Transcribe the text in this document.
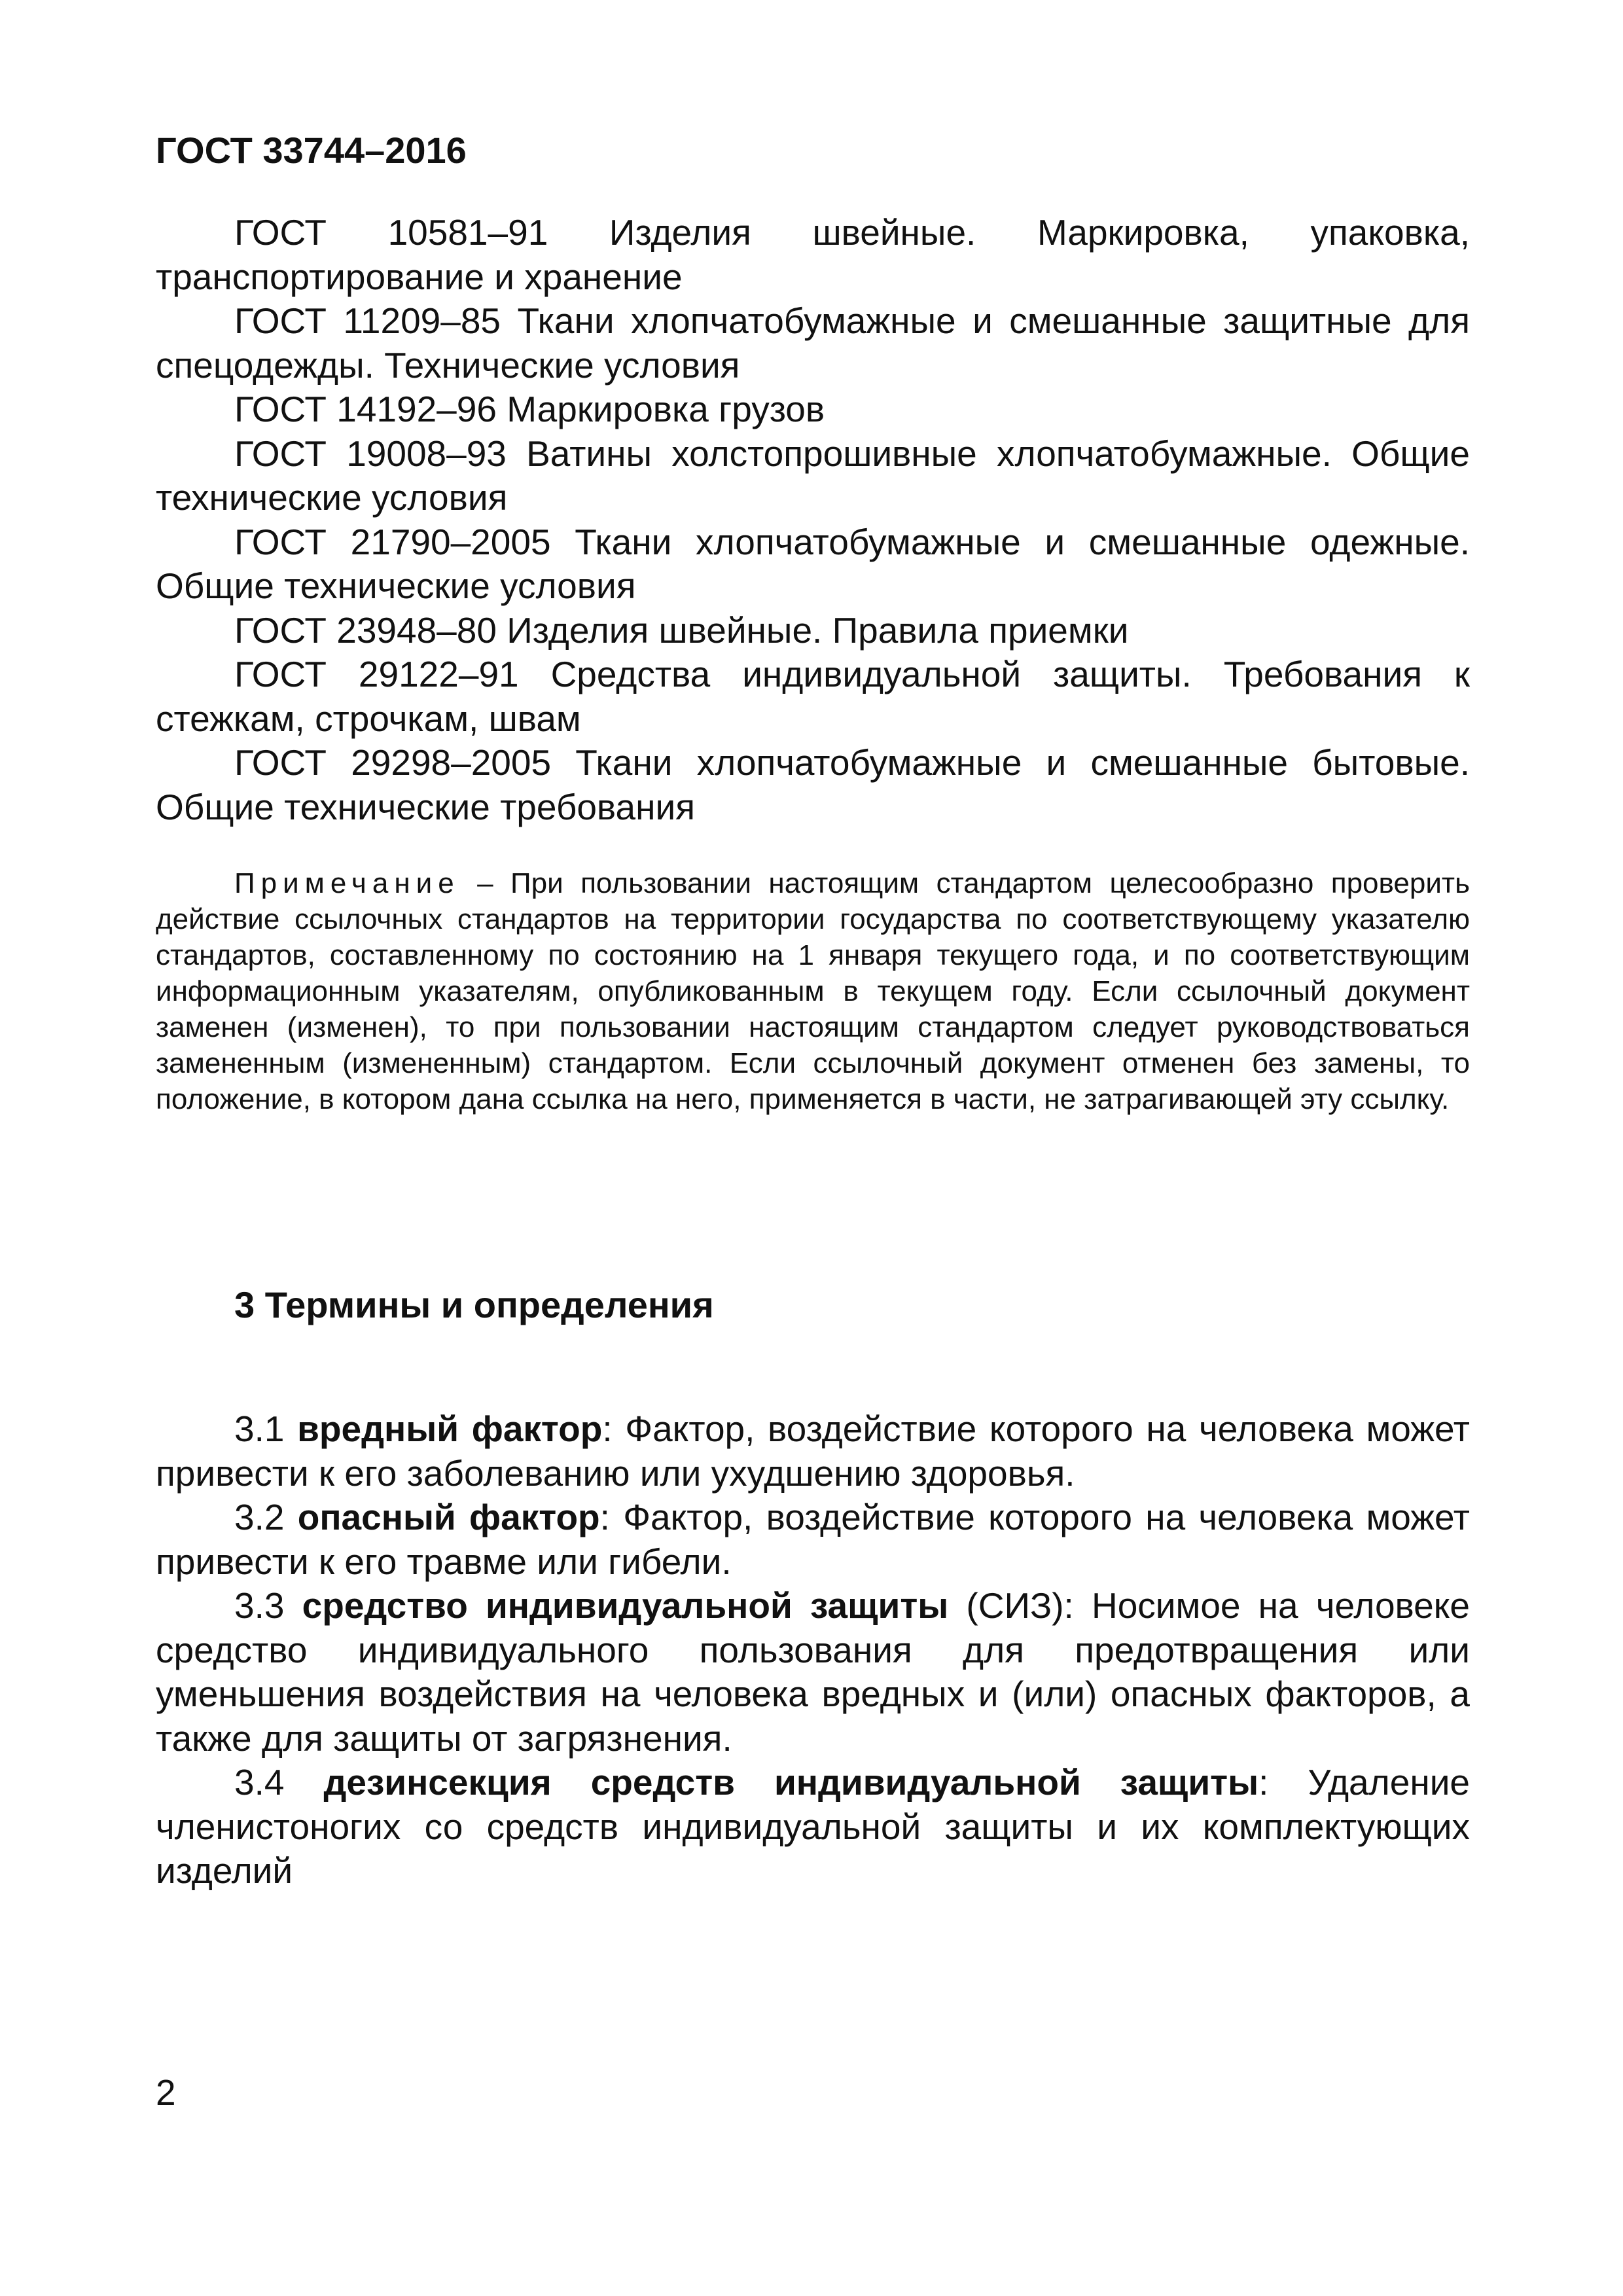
ГОСТ 33744–2016

ГОСТ 10581–91 Изделия швейные. Маркировка, упаковка, транспортирование и хранение

ГОСТ 11209–85 Ткани хлопчатобумажные и смешанные защитные для спецодежды. Технические условия

ГОСТ 14192–96 Маркировка грузов

ГОСТ 19008–93 Ватины холстопрошивные хлопчатобумажные. Общие технические условия

ГОСТ 21790–2005 Ткани хлопчатобумажные и смешанные одежные. Общие технические условия

ГОСТ 23948–80 Изделия швейные. Правила приемки

ГОСТ 29122–91 Средства индивидуальной защиты. Требования к стежкам, строчкам, швам

ГОСТ 29298–2005 Ткани хлопчатобумажные и смешанные бытовые. Общие технические требования

Примечание – При пользовании настоящим стандартом целесообразно проверить действие ссылочных стандартов на территории государства по соответствующему указателю стандартов, составленному по состоянию на 1 января текущего года, и по соответствующим информационным указателям, опубликованным в текущем году. Если ссылочный документ заменен (изменен), то при пользовании настоящим стандартом следует руководствоваться замененным (измененным) стандартом. Если ссылочный документ отменен без замены, то положение, в котором дана ссылка на него, применяется в части, не затрагивающей эту ссылку.

3 Термины и определения

3.1 вредный фактор: Фактор, воздействие которого на человека может привести к его заболеванию или ухудшению здоровья.

3.2 опасный фактор: Фактор, воздействие которого на человека может привести к его травме или гибели.

3.3 средство индивидуальной защиты (СИЗ): Носимое на человеке средство индивидуального пользования для предотвращения или уменьшения воздействия на человека вредных и (или) опасных факторов, а также для защиты от загрязнения.

3.4 дезинсекция средств индивидуальной защиты: Удаление членистоногих со средств индивидуальной защиты и их комплектующих изделий

2
